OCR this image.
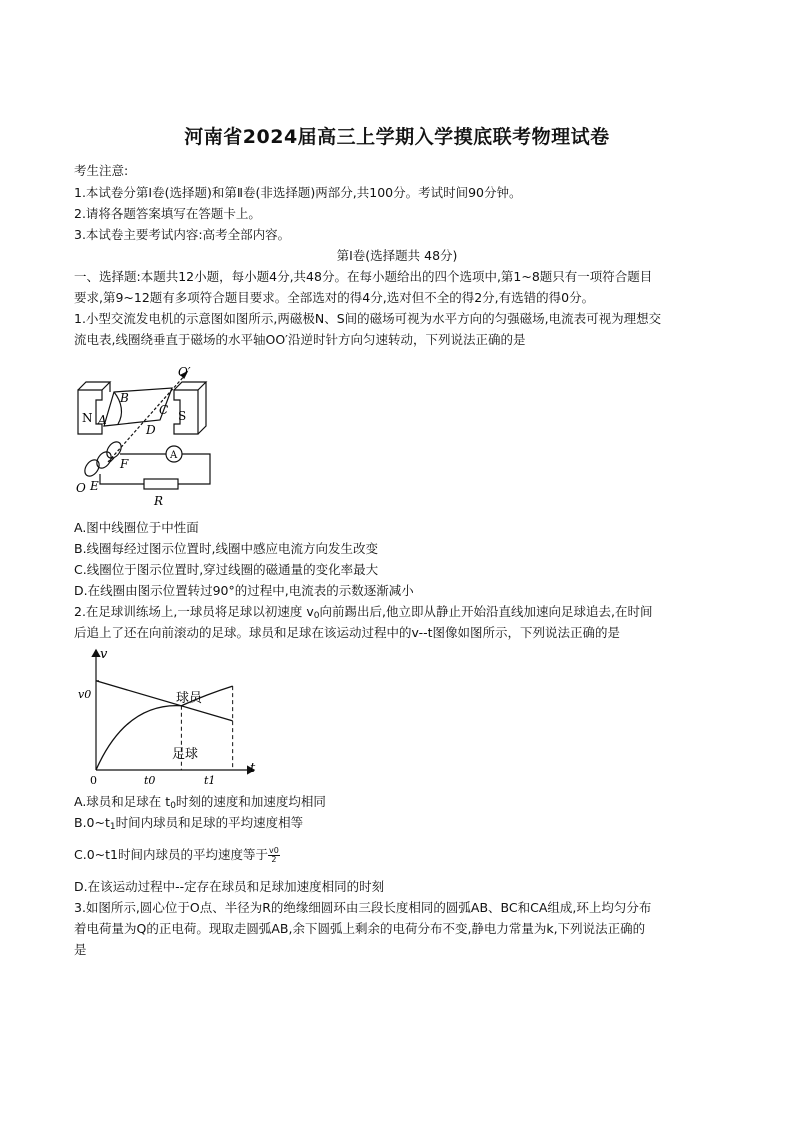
河南省2024届高三上学期入学摸底联考物理试卷
考生注意:
1.本试卷分第Ⅰ卷(选择题)和第Ⅱ卷(非选择题)两部分,共100分。考试时间90分钟。
2.请将各题答案填写在答题卡上。
3.本试卷主要考试内容:高考全部内容。
第Ⅰ卷(选择题共 48分)
一、选择题:本题共12小题，每小题4分,共48分。在每小题给出的四个选项中,第1~8题只有一项符合题目
要求,第9~12题有多项符合题目要求。全部选对的得4分,选对但不全的得2分,有选错的得0分。
1.小型交流发电机的示意图如图所示,两磁极N、S间的磁场可视为水平方向的匀强磁场,电流表可视为理想交
流电表,线圈绕垂直于磁场的水平轴OO′沿逆时针方向匀速转动，下列说法正确的是
O′
B
C
N A	S
D
A
F
O E
R
A.图中线圈位于中性面
B.线圈每经过图示位置时,线圈中感应电流方向发生改变
C.线圈位于图示位置时,穿过线圈的磁通量的变化率最大
D.在线圈由图示位置转过90°的过程中,电流表的示数逐渐减小
2.在足球训练场上,一球员将足球以初速度 $v_0$向前踢出后,他立即从静止开始沿直线加速向足球追去,在时间
后追上了还在向前滚动的足球。球员和足球在该运动过程中的v--t图像如图所示，下列说法正确的是
v
t
0	t0	t1
v0	球员
足球
A.球员和足球在 $t_0$时刻的速度和加速度均相同
$B.0\sim t_1$时间内球员和足球的平均速度相等
C.0~t1时间内球员的平均速度等于 $\frac{v0}{2}$
D.在该运动过程中--定存在球员和足球加速度相同的时刻
3.如图所示,圆心位于O点、半径为R的绝缘细圆环由三段长度相同的圆弧AB、BC和CA组成,环上均匀分布
着电荷量为Q的正电荷。现取走圆弧AB,余下圆弧上剩余的电荷分布不变,静电力常量为k,下列说法正确的
是
